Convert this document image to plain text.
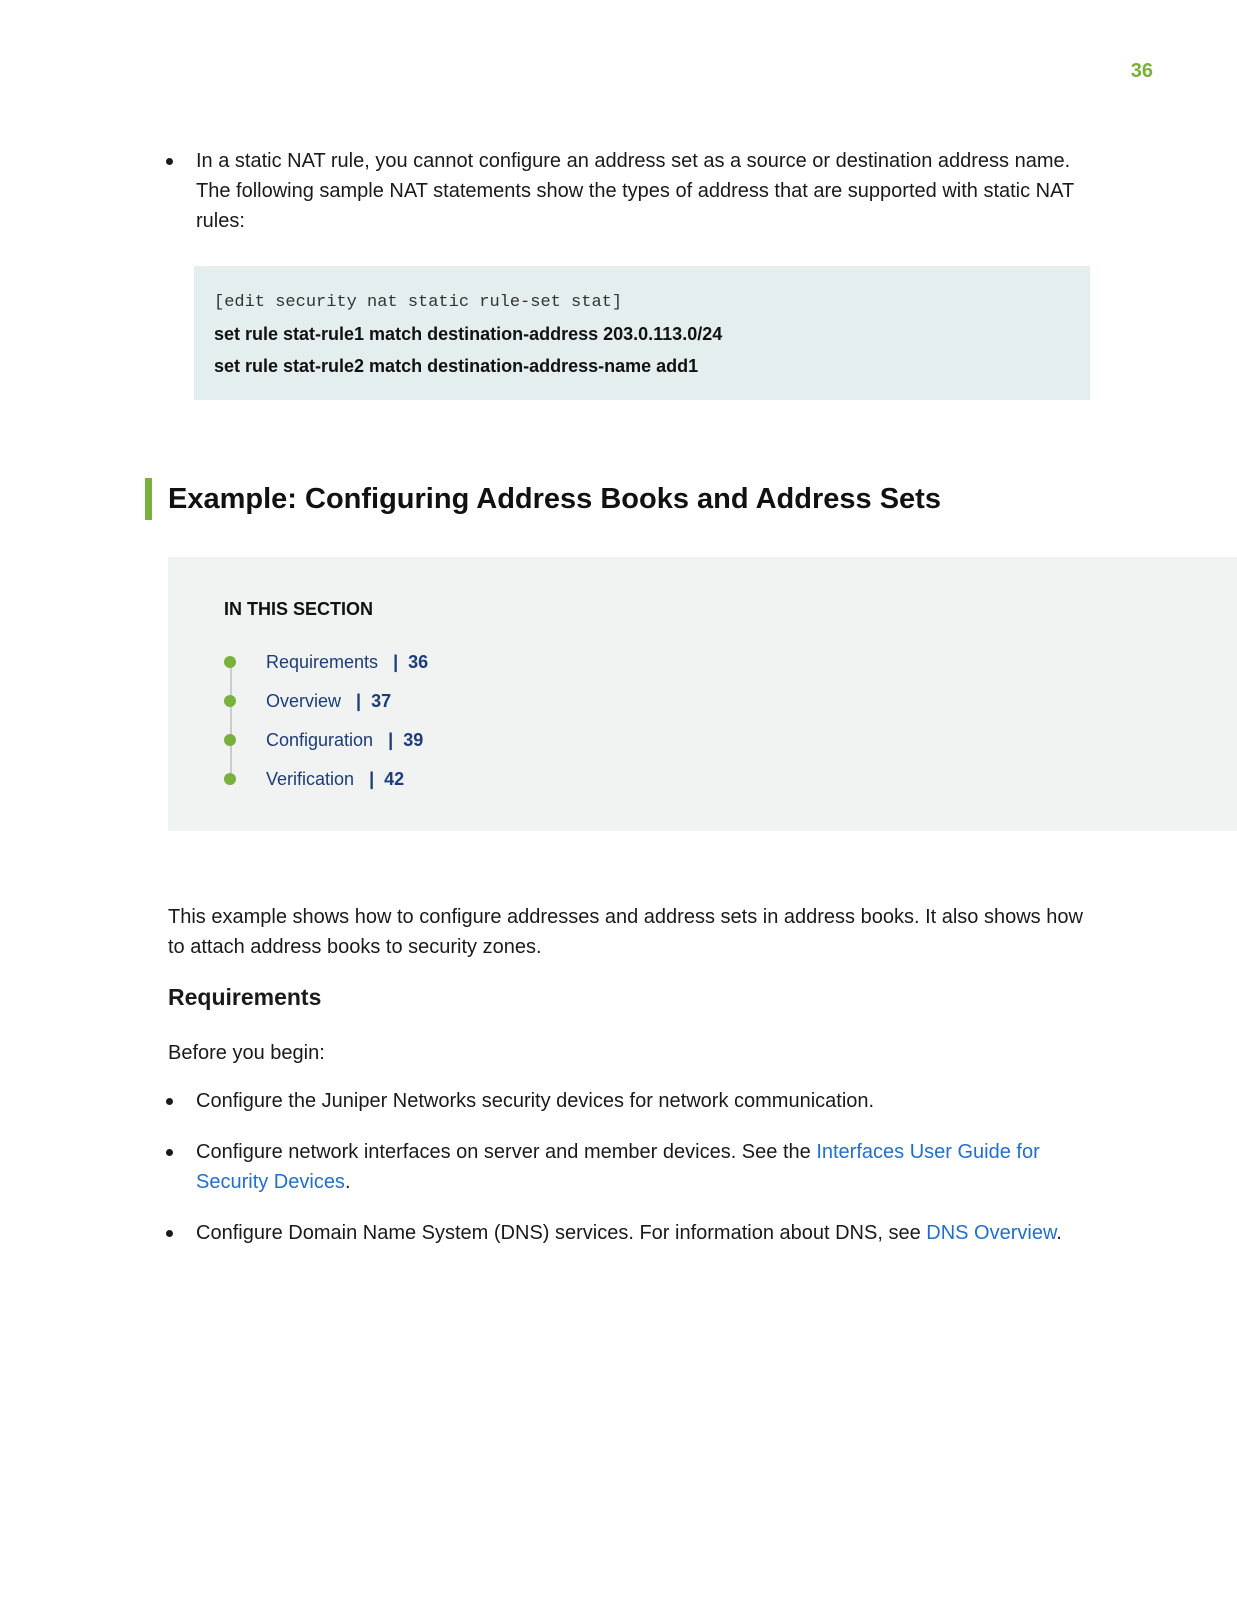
36
In a static NAT rule, you cannot configure an address set as a source or destination address name. The following sample NAT statements show the types of address that are supported with static NAT rules:
[edit security nat static rule-set stat]
set rule stat-rule1 match destination-address 203.0.113.0/24
set rule stat-rule2 match destination-address-name add1
Example: Configuring Address Books and Address Sets
IN THIS SECTION
Requirements | 36
Overview | 37
Configuration | 39
Verification | 42

This example shows how to configure addresses and address sets in address books. It also shows how to attach address books to security zones.

Requirements

Before you begin:

Configure the Juniper Networks security devices for network communication.
Configure network interfaces on server and member devices. See the Interfaces User Guide for Security Devices.
Configure Domain Name System (DNS) services. For information about DNS, see DNS Overview.
